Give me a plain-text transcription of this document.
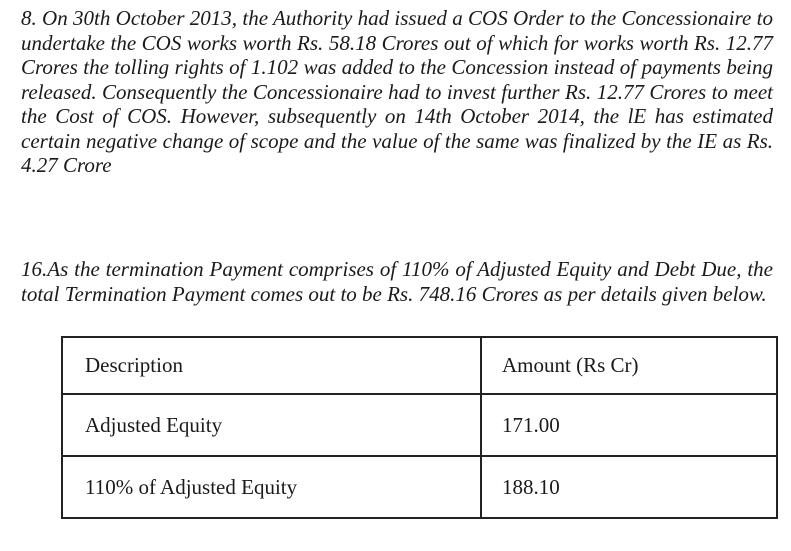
8. On 30th October 2013, the Authority had issued a COS Order to the Concessionaire to undertake the COS works worth Rs. 58.18 Crores out of which for works worth Rs. 12.77 Crores the tolling rights of 1.102 was added to the Concession instead of payments being released. Consequently the Concessionaire had to invest further Rs. 12.77 Crores to meet the Cost of COS. However, subsequently on 14th October 2014, the lE has estimated certain negative change of scope and the value of the same was finalized by the IE as Rs. 4.27 Crore

16.As the termination Payment comprises of 110% of Adjusted Equity and Debt Due, the total Termination Payment comes out to be Rs. 748.16 Crores as per details given below.

Description	Amount (Rs Cr)
Adjusted Equity	171.00
110% of Adjusted Equity	188.10
